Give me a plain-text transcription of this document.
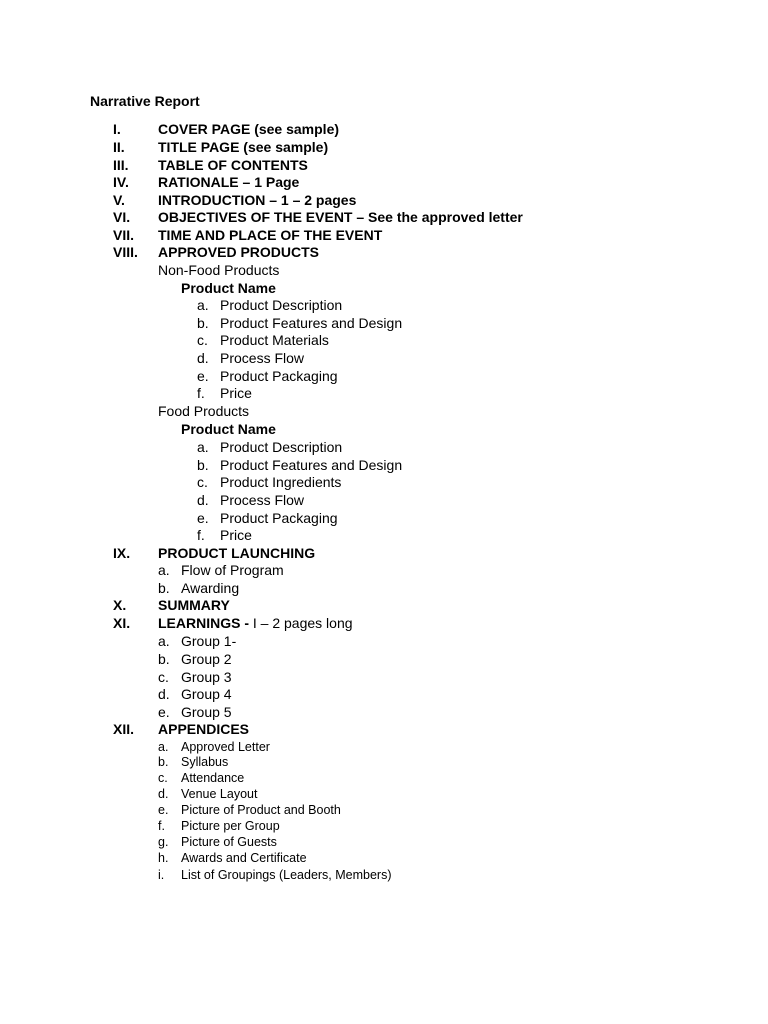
Narrative Report
I.	COVER PAGE (see sample)
II. TITLE PAGE (see sample)
III. TABLE OF CONTENTS
IV. RATIONALE – 1 Page
V. INTRODUCTION – 1 – 2 pages
VI. OBJECTIVES OF THE EVENT – See the approved letter
VII. TIME AND PLACE OF THE EVENT
VIII. APPROVED PRODUCTS
Non-Food Products
Product Name
a. Product Description
b. Product Features and Design
c. Product Materials
d. Process Flow
e. Product Packaging
f. Price
Food Products
Product Name
a. Product Description
b. Product Features and Design
c. Product Ingredients
d. Process Flow
e. Product Packaging
f. Price
IX. PRODUCT LAUNCHING
a. Flow of Program
b. Awarding
X. SUMMARY
XI. LEARNINGS - I – 2 pages long
a. Group 1-
b. Group 2
c. Group 3
d. Group 4
e. Group 5
XII. APPENDICES
a. Approved Letter
b. Syllabus
c. Attendance
d. Venue Layout
e. Picture of Product and Booth
f. Picture per Group
g. Picture of Guests
h. Awards and Certificate
i. List of Groupings (Leaders, Members)
